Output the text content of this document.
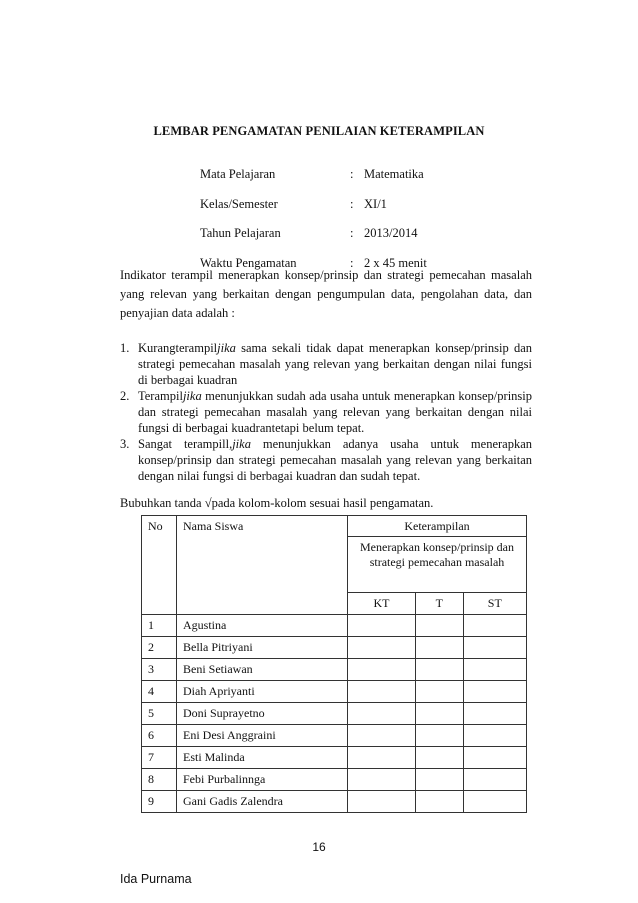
LEMBAR PENGAMATAN PENILAIAN KETERAMPILAN
Mata Pelajaran	: Matematika
Kelas/Semester	: XI/1
Tahun Pelajaran	: 2013/2014
Waktu Pengamatan	: 2 x 45 menit
Indikator terampil menerapkan konsep/prinsip dan strategi pemecahan masalah yang relevan yang berkaitan dengan pengumpulan data, pengolahan data, dan penyajian data adalah :
1. Kurangterampiljika sama sekali tidak dapat menerapkan konsep/prinsip dan strategi pemecahan masalah yang relevan yang berkaitan dengan nilai fungsi di berbagai kuadran
2. Terampiljika menunjukkan sudah ada usaha untuk menerapkan konsep/prinsip dan strategi pemecahan masalah yang relevan yang berkaitan dengan nilai fungsi di berbagai kuadrantetapi belum tepat.
3. Sangat terampill,jika menunjukkan adanya usaha untuk menerapkan konsep/prinsip dan strategi pemecahan masalah yang relevan yang berkaitan dengan nilai fungsi di berbagai kuadran dan sudah tepat.
Bubuhkan tanda √pada kolom-kolom sesuai hasil pengamatan.
No	Nama Siswa	Keterampilan		
		Menerapkan konsep/prinsip dan strategi pemecahan masalah		
		KT	T	ST
1	Agustina			
2	Bella Pitriyani			
3	Beni Setiawan			
4	Diah Apriyanti			
5	Doni Suprayetno			
6	Eni Desi Anggraini			
7	Esti Malinda			
8	Febi Purbalinnga			
9	Gani Gadis Zalendra			
16
Ida Purnama
